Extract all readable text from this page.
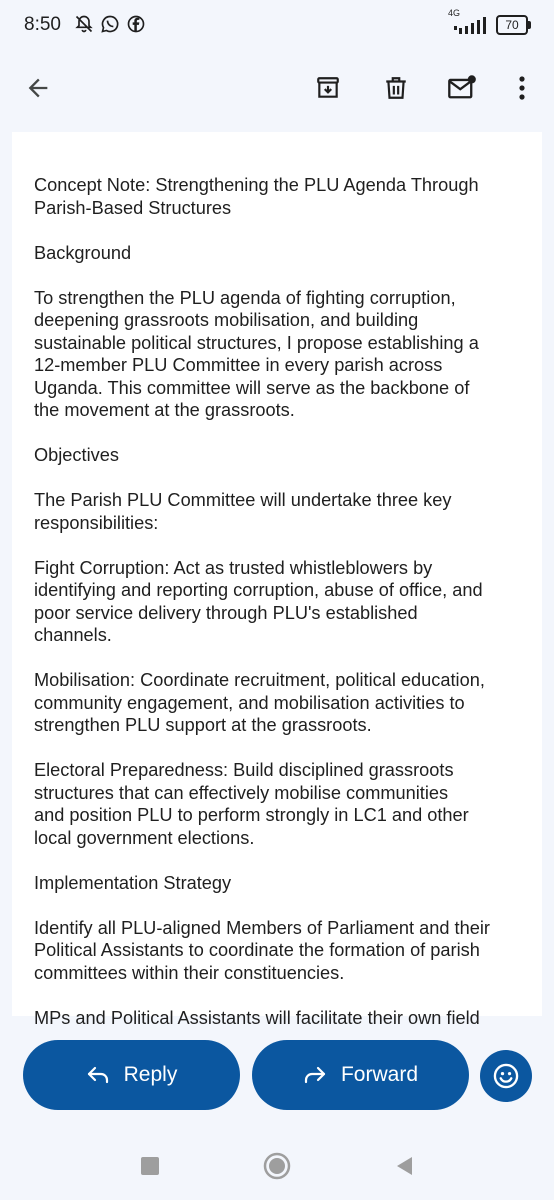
8:50
4G
70

Concept Note: Strengthening the PLU Agenda Through
Parish-Based Structures

Background

To strengthen the PLU agenda of fighting corruption,
deepening grassroots mobilisation, and building
sustainable political structures, I propose establishing a
12-member PLU Committee in every parish across
Uganda. This committee will serve as the backbone of
the movement at the grassroots.

Objectives

The Parish PLU Committee will undertake three key
responsibilities:

Fight Corruption: Act as trusted whistleblowers by
identifying and reporting corruption, abuse of office, and
poor service delivery through PLU's established
channels.

Mobilisation: Coordinate recruitment, political education,
community engagement, and mobilisation activities to
strengthen PLU support at the grassroots.

Electoral Preparedness: Build disciplined grassroots
structures that can effectively mobilise communities
and position PLU to perform strongly in LC1 and other
local government elections.

Implementation Strategy

Identify all PLU-aligned Members of Parliament and their
Political Assistants to coordinate the formation of parish
committees within their constituencies.

MPs and Political Assistants will facilitate their own field

Reply	Forward
